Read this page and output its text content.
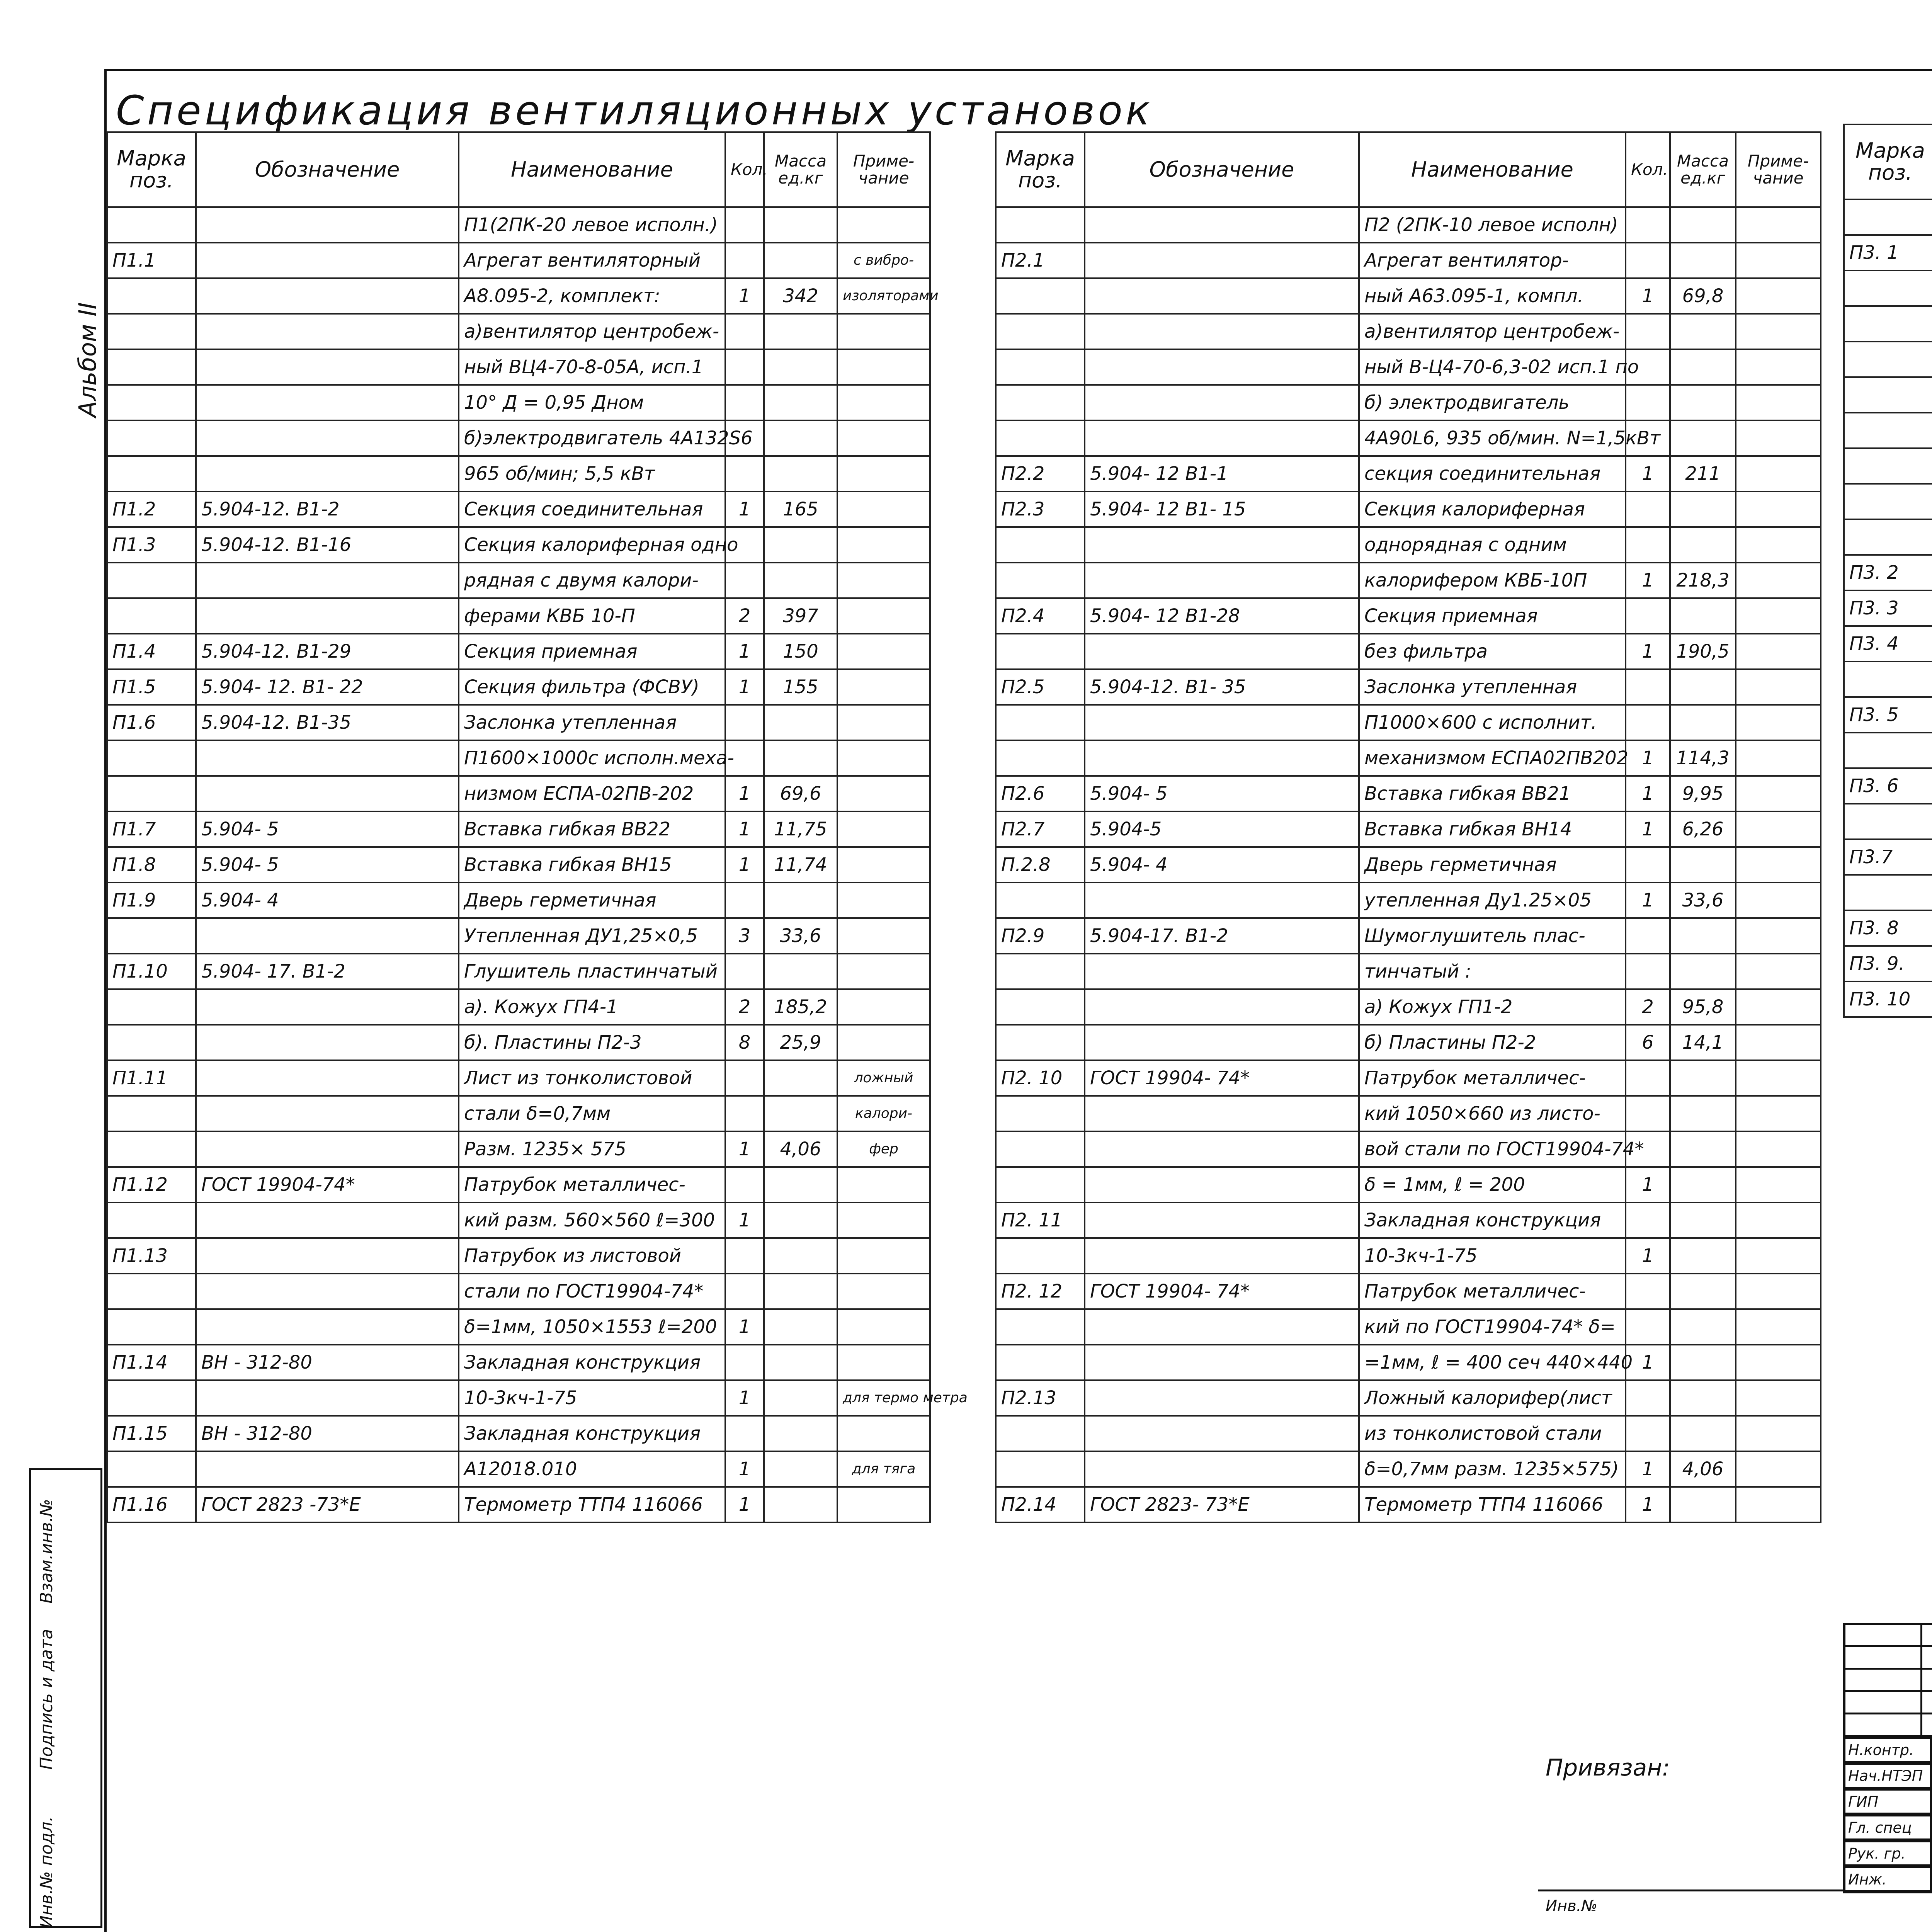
Инв.№ подл.
Подпись и дата
Взам.инв.№
Альбом II
Спецификация вентиляционных установок
Марка поз.	Обозначение	Наименование	Кол.	Масса ед.кг	Приме- чание
		П1(2ПК-20 левое исполн.)			
П1.1		Агрегат вентиляторный			с вибро-
		А8.095-2, комплект:	1	342	изоляторами
		а)вентилятор центробеж-			
		ный ВЦ4-70-8-05А, исп.1			
		10° Д = 0,95 Дном			
		б)электродвигатель 4А132S6			
		965 об/мин; 5,5 кВт			
П1.2	5.904-12. В1-2	Секция соединительная	1	165	
П1.3	5.904-12. В1-16	Секция калориферная одно			
		рядная с двумя калори-			
		ферами КВБ 10-П	2	397	
П1.4	5.904-12. В1-29	Секция приемная	1	150	
П1.5	5.904- 12. В1- 22	Секция фильтра (ФСВУ)	1	155	
П1.6	5.904-12. В1-35	Заслонка утепленная			
		П1600×1000с исполн.меха-			
		низмом ЕСПА-02ПВ-202	1	69,6	
П1.7	5.904- 5	Вставка гибкая ВВ22	1	11,75	
П1.8	5.904- 5	Вставка гибкая ВН15	1	11,74	
П1.9	5.904- 4	Дверь герметичная			
		Утепленная ДУ1,25×0,5	3	33,6	
П1.10	5.904- 17. В1-2	Глушитель пластинчатый			
		а). Кожух ГП4-1	2	185,2	
		б). Пластины П2-3	8	25,9	
П1.11		Лист из тонколистовой			ложный
		стали δ=0,7мм			калори-
		Разм. 1235× 575	1	4,06	фер
П1.12	ГОСТ 19904-74*	Патрубок металличес-			
		кий разм. 560×560 ℓ=300	1		
П1.13		Патрубок из листовой			
		стали по ГОСТ19904-74*			
		δ=1мм, 1050×1553 ℓ=200	1		
П1.14	ВН - 312-80	Закладная конструкция			
		10-3кч-1-75	1		для термо метра
П1.15	ВН - 312-80	Закладная конструкция			
		А12018.010	1		для тяга
П1.16	ГОСТ 2823 -73*Е	Термометр ТТП4 116066	1		
Марка поз.	Обозначение	Наименование	Кол.	Масса ед.кг	Приме- чание
		П2 (2ПК-10 левое исполн)			
П2.1		Агрегат вентилятор-			
		ный А63.095-1, компл.	1	69,8	
		а)вентилятор центробеж-			
		ный В-Ц4-70-6,3-02 исп.1 по			
		б) электродвигатель			
		4А90L6, 935 об/мин. N=1,5кВт			
П2.2	5.904- 12 В1-1	секция соединительная	1	211	
П2.3	5.904- 12 В1- 15	Секция калориферная			
		однорядная с одним			
		калорифером КВБ-10П	1	218,3	
П2.4	5.904- 12 В1-28	Секция приемная			
		без фильтра	1	190,5	
П2.5	5.904-12. В1- 35	Заслонка утепленная			
		П1000×600 с исполнит.			
		механизмом ЕСПА02ПВ202	1	114,3	
П2.6	5.904- 5	Вставка гибкая ВВ21	1	9,95	
П2.7	5.904-5	Вставка гибкая ВН14	1	6,26	
П.2.8	5.904- 4	Дверь герметичная			
		утепленная Ду1.25×05	1	33,6	
П2.9	5.904-17. В1-2	Шумоглушитель плас-			
		тинчатый :			
		а) Кожух ГП1-2	2	95,8	
		б) Пластины П2-2	6	14,1	
П2. 10	ГОСТ 19904- 74*	Патрубок металличес-			
		кий 1050×660 из листо-			
		вой стали по ГОСТ19904-74*			
		δ = 1мм, ℓ = 200	1		
П2. 11		Закладная конструкция			
		10-3кч-1-75	1		
П2. 12	ГОСТ 19904- 74*	Патрубок металличес-			
		кий по ГОСТ19904-74* δ=			
		=1мм, ℓ = 400 сеч 440×440	1		
П2.13		Ложный калорифер(лист			
		из тонколистовой стали			
		δ=0,7мм разм. 1235×575)	1	4,06	
П2.14	ГОСТ 2823- 73*Е	Термометр ТТП4 116066	1		
Марка поз.					

П3. 1					

П3. 2					
П3. 3					
П3. 4					

П3. 5					

П3. 6					

П3.7					

П3. 8					
П3. 9.					
П3. 10					
Привязан:
Инв.№
Н.контр.
Нач.НТЭП
ГИП
Гл. спец
Рук. гр.
Инж.
